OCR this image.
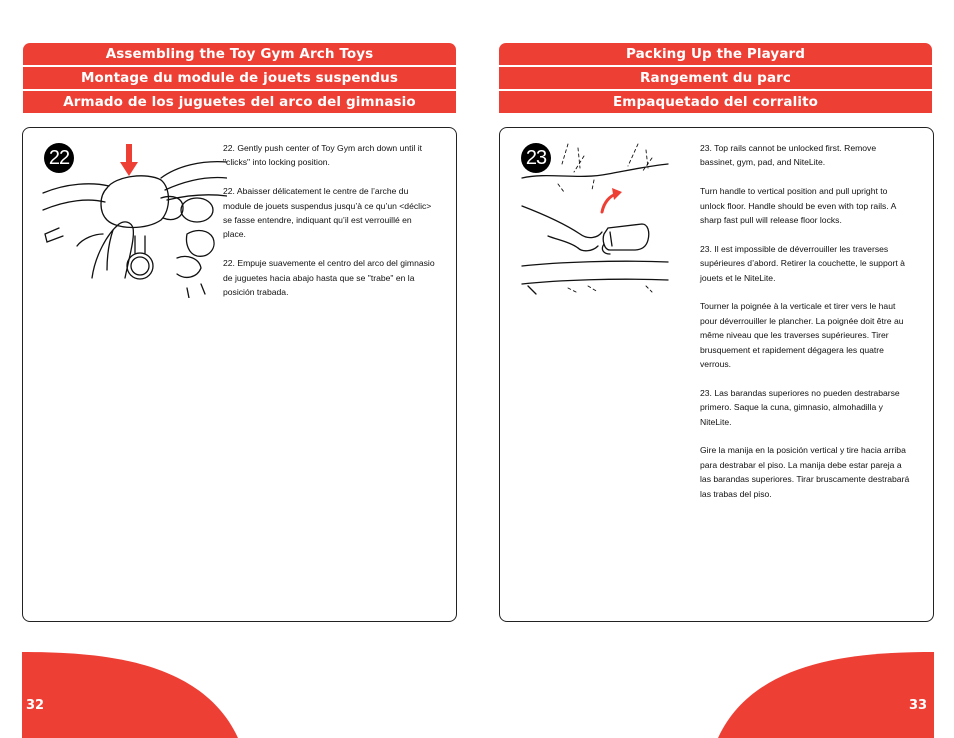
Assembling the Toy Gym Arch Toys
Montage du module de jouets suspendus
Armado de los juguetes del arco del gimnasio
Packing Up the Playard
Rangement du parc
Empaquetado del corralito
22	22. Gently push center of Toy Gym arch down until it "clicks" into locking position.

22. Abaisser délicatement le centre de l’arche du module de jouets suspendus jusqu’à ce qu’un <déclic> se fasse entendre, indiquant qu’il est verrouillé en place.

22. Empuje suavemente el centro del arco del gimnasio de juguetes hacia abajo hasta que se "trabe" en la posición trabada.

23	23. Top rails cannot be unlocked first. Remove bassinet, gym, pad, and NiteLite.

Turn handle to vertical position and pull upright to unlock floor. Handle should be even with top rails. A sharp fast pull will release floor locks.

23. Il est impossible de déverrouiller les traverses supérieures d’abord. Retirer la couchette, le support à jouets et le NiteLite.

Tourner la poignée à la verticale et tirer vers le haut pour déverrouiller le plancher. La poignée doit être au même niveau que les traverses supérieures. Tirer brusquement et rapidement dégagera les quatre verrous.

23. Las barandas superiores no pueden destrabarse primero. Saque la cuna, gimnasio, almohadilla y NiteLite.

Gire la manija en la posición vertical y tire hacia arriba para destrabar el piso. La manija debe estar pareja a las barandas superiores. Tirar bruscamente destrabará las trabas del piso.

32	33
